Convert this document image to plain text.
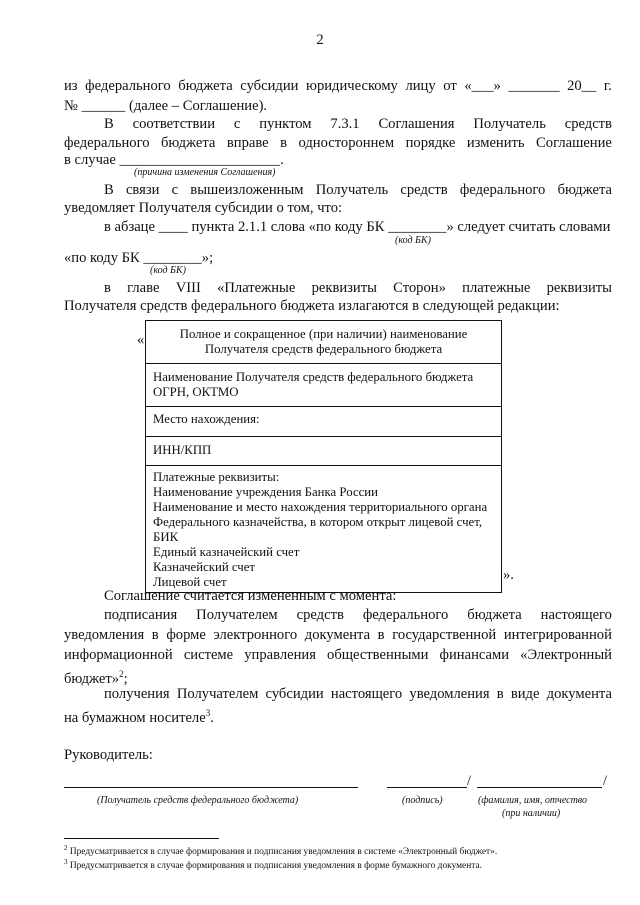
2
из федерального бюджета субсидии юридическому лицу от «___» _______ 20__ г.
№ ______ (далее – Соглашение).
В соответствии с пунктом 7.3.1 Соглашения Получатель средств
федерального бюджета вправе в одностороннем порядке изменить Соглашение
в случае ______________________.
(причина изменения Соглашения)
В связи с вышеизложенным Получатель средств федерального бюджета
уведомляет Получателя субсидии о том, что:
в абзаце ____ пункта 2.1.1 слова «по коду БК ________» следует считать словами
(код БК)
«по коду БК ________»;
(код БК)
в главе VIII «Платежные реквизиты Сторон» платежные реквизиты
Получателя средств федерального бюджета излагаются в следующей редакции:
«	Полное и сокращенное (при наличии) наименование
Получателя средств федерального бюджета
Наименование Получателя средств федерального бюджета
ОГРН, ОКТМО
Место нахождения:
ИНН/КПП
Платежные реквизиты:
Наименование учреждения Банка России
Наименование и место нахождения территориального органа
Федерального казначейства, в котором открыт лицевой счет,
БИК
Единый казначейский счет
Казначейский счет
Лицевой счет	».
Соглашение считается измененным с момента:
подписания Получателем средств федерального бюджета настоящего
уведомления в форме электронного документа в государственной интегрированной
информационной системе управления общественными финансами «Электронный
бюджет»$^2$;
получения Получателем субсидии настоящего уведомления в виде документа
на бумажном носителе$^3$.
Руководитель:
/	/
(Получатель средств федерального бюджета)	(подпись)	(фамилия, имя, отчество
(при наличии)
$^2$ Предусматривается в случае формирования и подписания уведомления в системе «Электронный бюджет».
$^3$ Предусматривается в случае формирования и подписания уведомления в форме бумажного документа.
